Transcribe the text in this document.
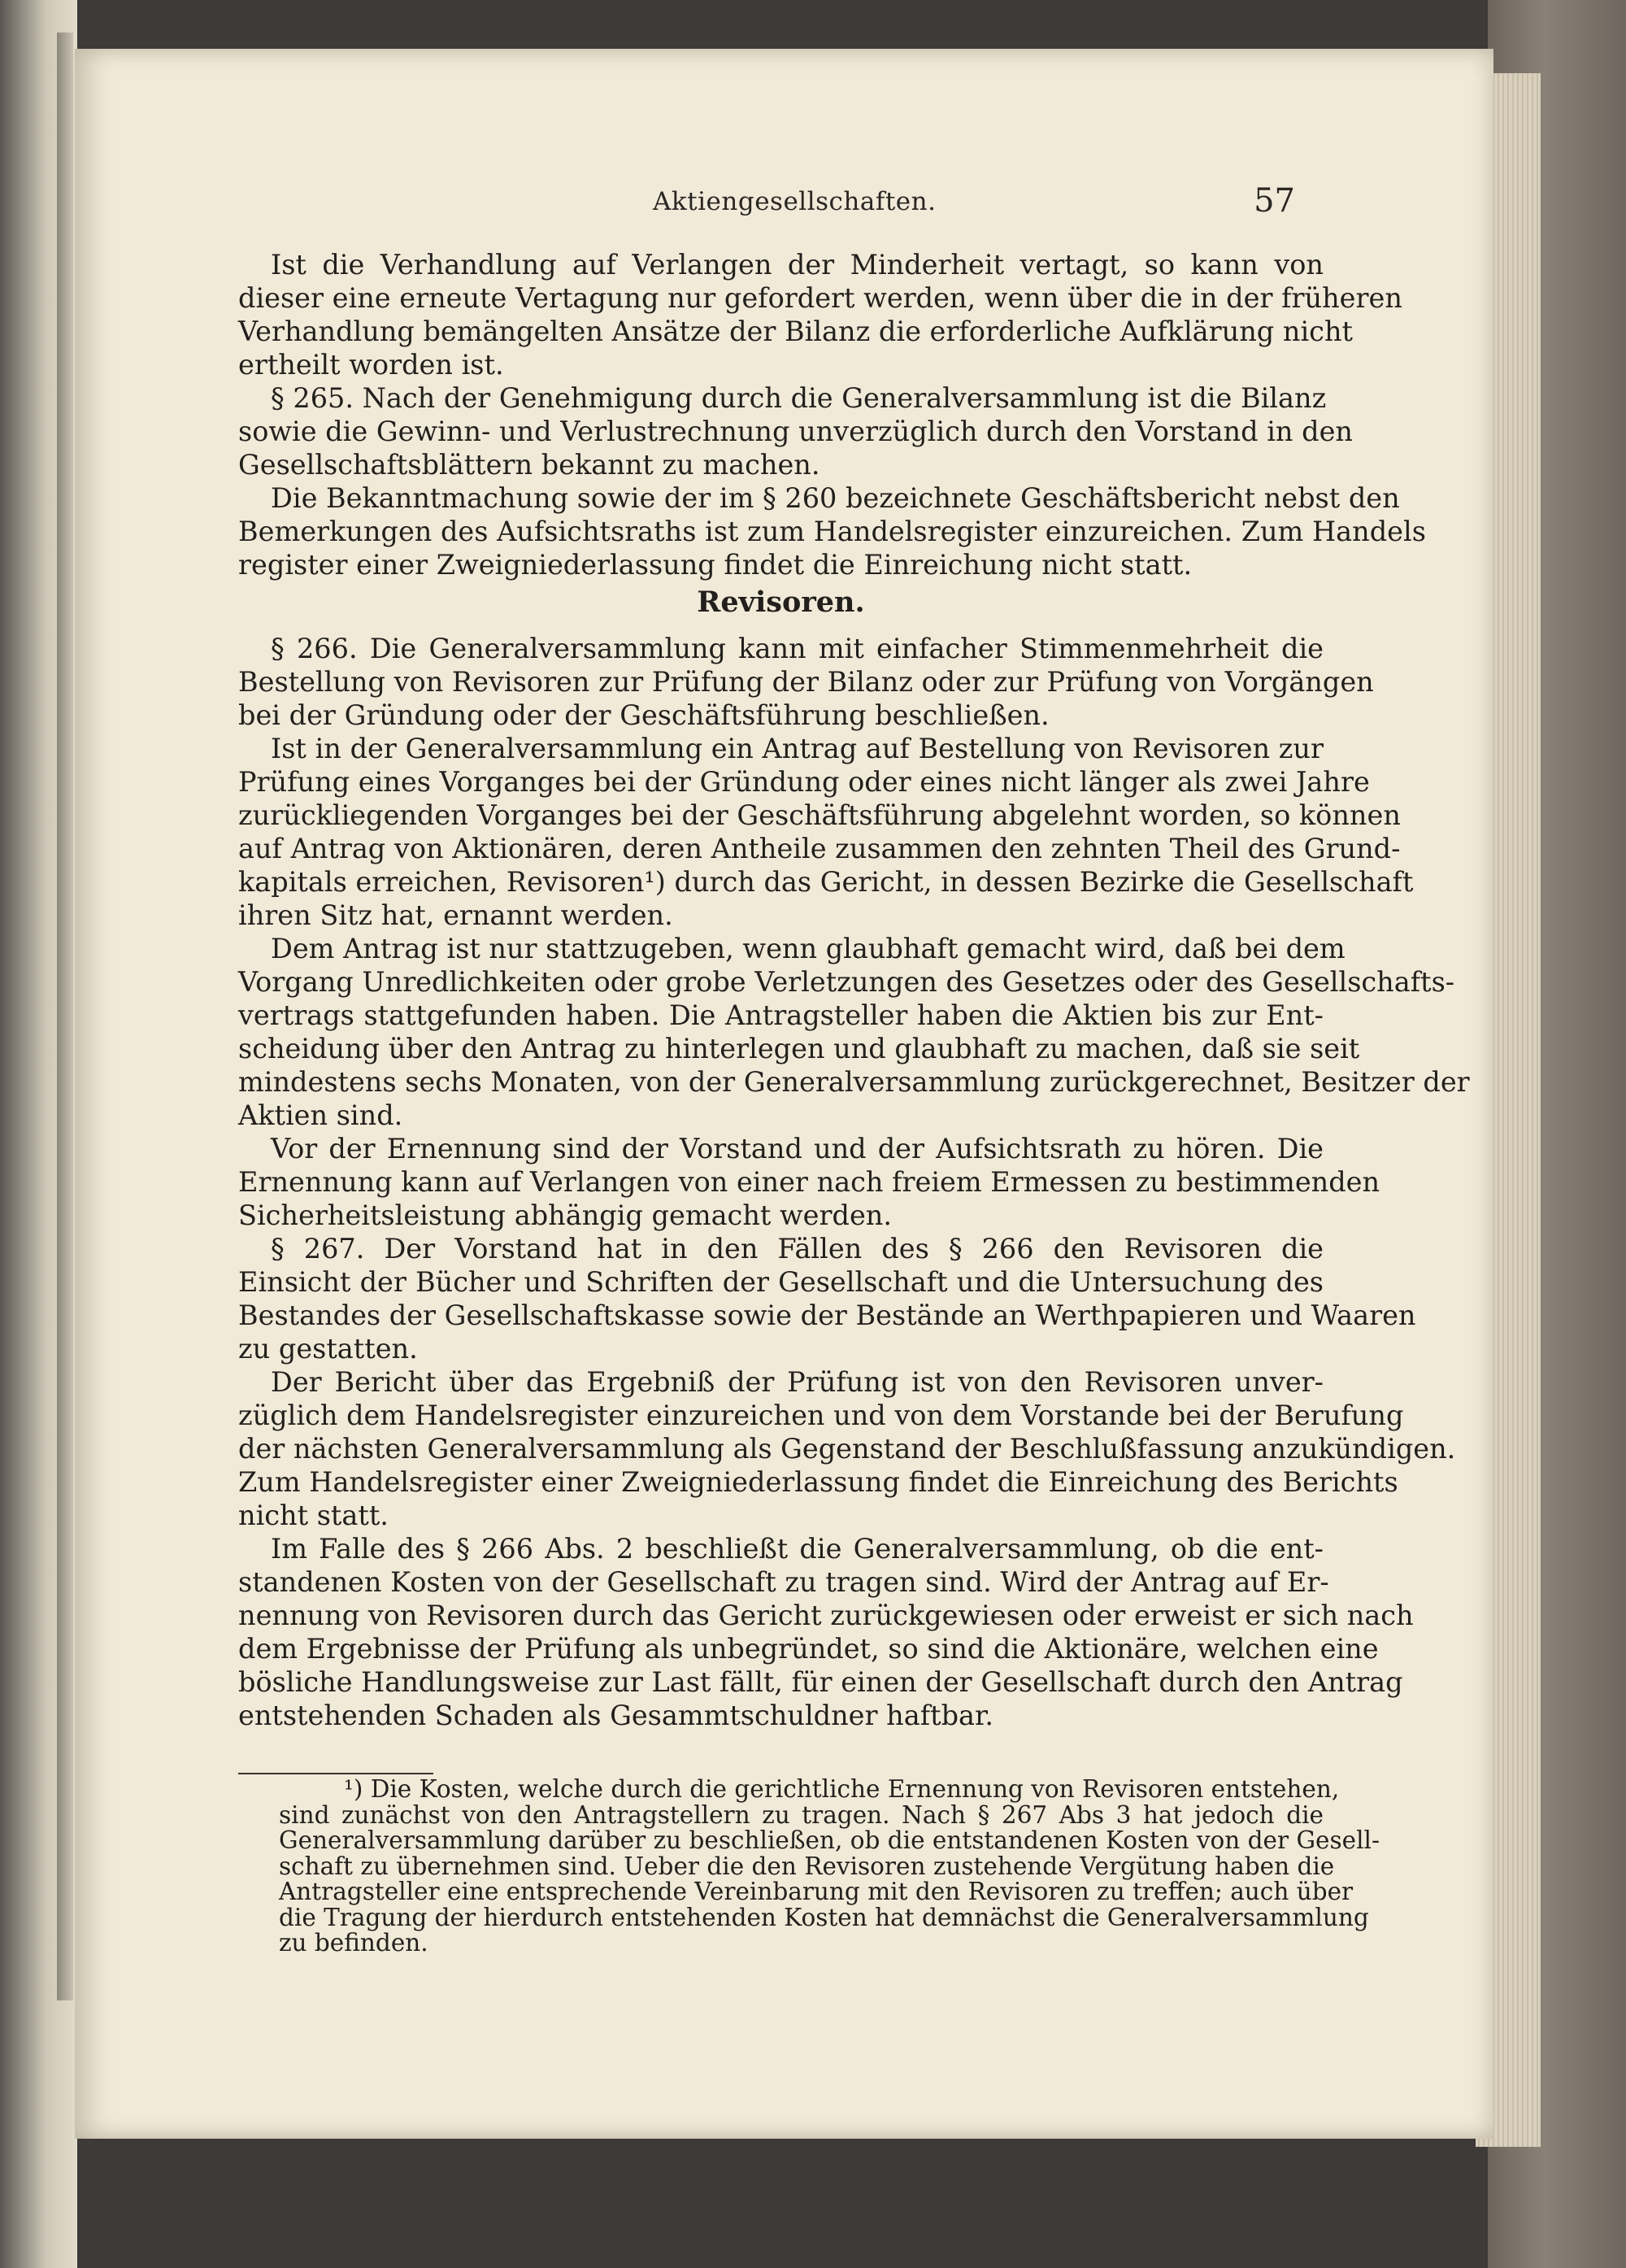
Aktiengesellschaften.	57
Ist die Verhandlung auf Verlangen der Minderheit vertagt, so kann von
dieser eine erneute Vertagung nur gefordert werden, wenn über die in der früheren
Verhandlung bemängelten Ansätze der Bilanz die erforderliche Aufklärung nicht
ertheilt worden ist.
§ 265. Nach der Genehmigung durch die Generalversammlung ist die Bilanz
sowie die Gewinn- und Verlustrechnung unverzüglich durch den Vorstand in den
Gesellschaftsblättern bekannt zu machen.
Die Bekanntmachung sowie der im § 260 bezeichnete Geschäftsbericht nebst den
Bemerkungen des Aufsichtsraths ist zum Handelsregister einzureichen. Zum Handels
register einer Zweigniederlassung findet die Einreichung nicht statt.
Revisoren.
§ 266. Die Generalversammlung kann mit einfacher Stimmenmehrheit die
Bestellung von Revisoren zur Prüfung der Bilanz oder zur Prüfung von Vorgängen
bei der Gründung oder der Geschäftsführung beschließen.
Ist in der Generalversammlung ein Antrag auf Bestellung von Revisoren zur
Prüfung eines Vorganges bei der Gründung oder eines nicht länger als zwei Jahre
zurückliegenden Vorganges bei der Geschäftsführung abgelehnt worden, so können
auf Antrag von Aktionären, deren Antheile zusammen den zehnten Theil des Grund-
kapitals erreichen, Revisoren¹) durch das Gericht, in dessen Bezirke die Gesellschaft
ihren Sitz hat, ernannt werden.
Dem Antrag ist nur stattzugeben, wenn glaubhaft gemacht wird, daß bei dem
Vorgang Unredlichkeiten oder grobe Verletzungen des Gesetzes oder des Gesellschafts-
vertrags stattgefunden haben. Die Antragsteller haben die Aktien bis zur Ent-
scheidung über den Antrag zu hinterlegen und glaubhaft zu machen, daß sie seit
mindestens sechs Monaten, von der Generalversammlung zurückgerechnet, Besitzer der
Aktien sind.
Vor der Ernennung sind der Vorstand und der Aufsichtsrath zu hören. Die
Ernennung kann auf Verlangen von einer nach freiem Ermessen zu bestimmenden
Sicherheitsleistung abhängig gemacht werden.
§ 267. Der Vorstand hat in den Fällen des § 266 den Revisoren die
Einsicht der Bücher und Schriften der Gesellschaft und die Untersuchung des
Bestandes der Gesellschaftskasse sowie der Bestände an Werthpapieren und Waaren
zu gestatten.
Der Bericht über das Ergebniß der Prüfung ist von den Revisoren unver-
züglich dem Handelsregister einzureichen und von dem Vorstande bei der Berufung
der nächsten Generalversammlung als Gegenstand der Beschlußfassung anzukündigen.
Zum Handelsregister einer Zweigniederlassung findet die Einreichung des Berichts
nicht statt.
Im Falle des § 266 Abs. 2 beschließt die Generalversammlung, ob die ent-
standenen Kosten von der Gesellschaft zu tragen sind. Wird der Antrag auf Er-
nennung von Revisoren durch das Gericht zurückgewiesen oder erweist er sich nach
dem Ergebnisse der Prüfung als unbegründet, so sind die Aktionäre, welchen eine
bösliche Handlungsweise zur Last fällt, für einen der Gesellschaft durch den Antrag
entstehenden Schaden als Gesammtschuldner haftbar.
¹) Die Kosten, welche durch die gerichtliche Ernennung von Revisoren entstehen,
sind zunächst von den Antragstellern zu tragen. Nach § 267 Abs 3 hat jedoch die
Generalversammlung darüber zu beschließen, ob die entstandenen Kosten von der Gesell-
schaft zu übernehmen sind. Ueber die den Revisoren zustehende Vergütung haben die
Antragsteller eine entsprechende Vereinbarung mit den Revisoren zu treffen; auch über
die Tragung der hierdurch entstehenden Kosten hat demnächst die Generalversammlung
zu befinden.
